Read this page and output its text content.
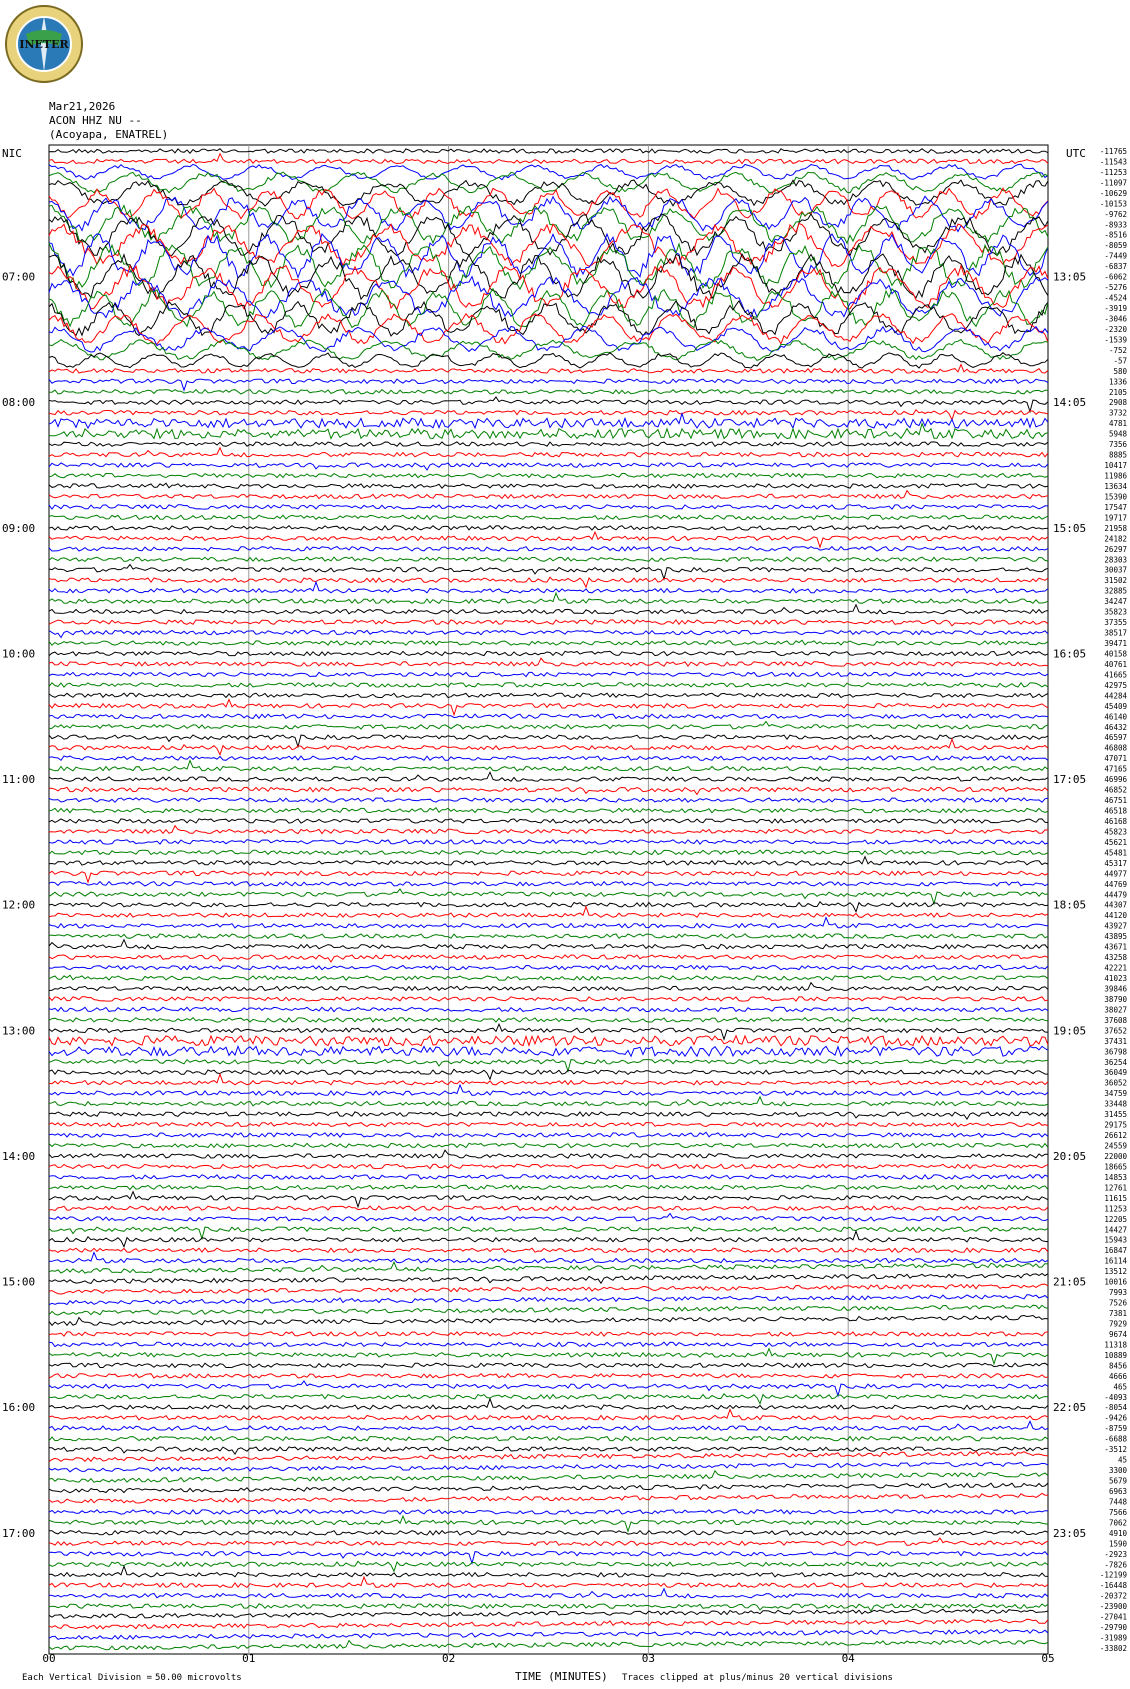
07:00
08:00
09:00
10:00
11:00
12:00
13:00
14:00
15:00
16:00
17:00
13:05
14:05
15:05
16:05
17:05
18:05
19:05
20:05
21:05
22:05
23:05
-11765
-11543
-11253
-11097
-10629
-10153
-9762
-8933
-8516
-8059
-7449
-6837
-6062
-5276
-4524
-3919
-3046
-2320
-1539
-752
-57
580
1336
2105
2908
3732
4781
5948
7356
8885
10417
11986
13634
15390
17547
19717
21958
24182
26297
28303
30037
31502
32885
34247
35823
37355
38517
39471
40158
40761
41665
42975
44284
45409
46140
46432
46597
46808
47071
47165
46996
46852
46751
46518
46168
45823
45621
45481
45317
44977
44769
44479
44307
44120
43927
43895
43671
43258
42221
41023
39846
38790
38027
37608
37652
37431
36798
36254
36049
36052
34759
33448
31455
29175
26612
24559
22000
18665
14853
12761
11615
11253
12205
14427
15943
16847
16114
13512
10016
7993
7526
7381
7929
9674
11318
10889
8456
4666
465
-4093
-8054
-9426
-8759
-6688
-3512
45
3300
5679
6963
7448
7566
7062
4910
1590
-2923
-7826
-12199
-16448
-20372
-23900
-27041
-29790
-31989
-33802
00	01	02	03	04	05
INETER
Mar21,2026
ACON HHZ NU --
(Acoyapa, ENATREL)
NIC	UTC
Each Vertical Division = 50.00 microvolts	TIME (MINUTES) Traces clipped at plus/minus 20 vertical divisions
